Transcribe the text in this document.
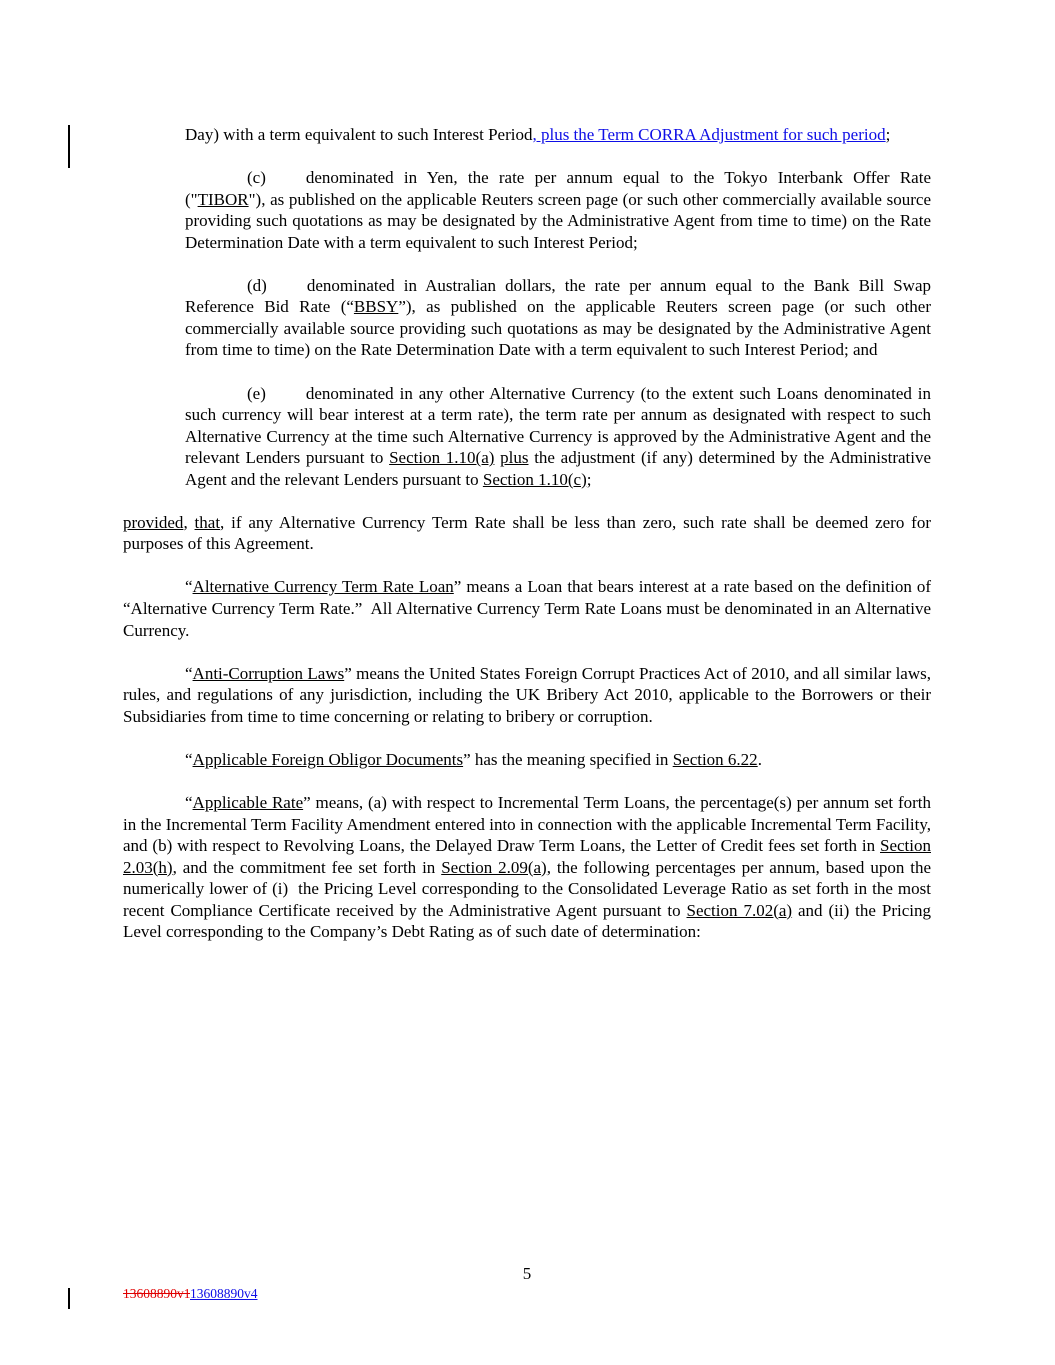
Day) with a term equivalent to such Interest Period, plus the Term CORRA Adjustment for such period;

(c) denominated in Yen, the rate per annum equal to the Tokyo Interbank Offer Rate ("TIBOR"), as published on the applicable Reuters screen page (or such other commercially available source providing such quotations as may be designated by the Administrative Agent from time to time) on the Rate Determination Date with a term equivalent to such Interest Period;

(d) denominated in Australian dollars, the rate per annum equal to the Bank Bill Swap Reference Bid Rate (“BBSY”), as published on the applicable Reuters screen page (or such other commercially available source providing such quotations as may be designated by the Administrative Agent from time to time) on the Rate Determination Date with a term equivalent to such Interest Period; and

(e) denominated in any other Alternative Currency (to the extent such Loans denominated in such currency will bear interest at a term rate), the term rate per annum as designated with respect to such Alternative Currency at the time such Alternative Currency is approved by the Administrative Agent and the relevant Lenders pursuant to Section 1.10(a) plus the adjustment (if any) determined by the Administrative Agent and the relevant Lenders pursuant to Section 1.10(c);

provided, that, if any Alternative Currency Term Rate shall be less than zero, such rate shall be deemed zero for purposes of this Agreement.

“Alternative Currency Term Rate Loan” means a Loan that bears interest at a rate based on the definition of “Alternative Currency Term Rate.”  All Alternative Currency Term Rate Loans must be denominated in an Alternative Currency.

“Anti-Corruption Laws” means the United States Foreign Corrupt Practices Act of 2010, and all similar laws, rules, and regulations of any jurisdiction, including the UK Bribery Act 2010, applicable to the Borrowers or their Subsidiaries from time to time concerning or relating to bribery or corruption.

“Applicable Foreign Obligor Documents” has the meaning specified in Section 6.22.

“Applicable Rate” means, (a) with respect to Incremental Term Loans, the percentage(s) per annum set forth in the Incremental Term Facility Amendment entered into in connection with the applicable Incremental Term Facility, and (b) with respect to Revolving Loans, the Delayed Draw Term Loans, the Letter of Credit fees set forth in Section 2.03(h), and the commitment fee set forth in Section 2.09(a), the following percentages per annum, based upon the numerically lower of (i)  the Pricing Level corresponding to the Consolidated Leverage Ratio as set forth in the most recent Compliance Certificate received by the Administrative Agent pursuant to Section 7.02(a) and (ii) the Pricing Level corresponding to the Company’s Debt Rating as of such date of determination:

5
13608890v113608890v4
